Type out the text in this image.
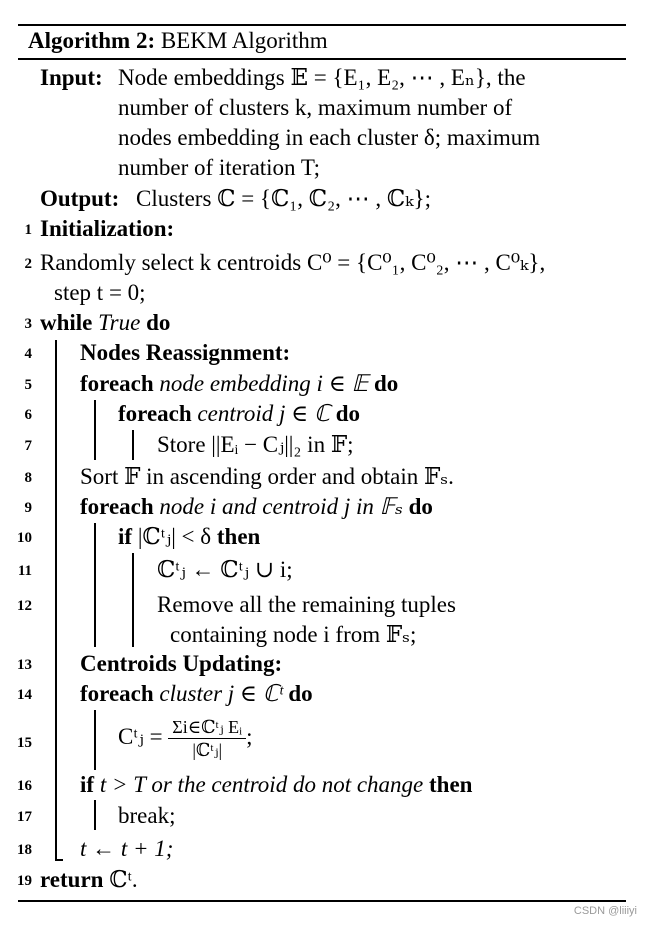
Algorithm 2: BEKM Algorithm
Input: Node embeddings 𝔼 = {E₁, E₂, ⋯ , Eₙ}, the
number of clusters k, maximum number of
nodes embedding in each cluster δ; maximum
number of iteration T;
Output: Clusters ℂ = {ℂ₁, ℂ₂, ⋯ , ℂₖ};
1
2
3
4
5
6
7
8
9
10
11
12
13
14
15
16
17
18
19
Initialization:
Randomly select k centroids C⁰ = {C⁰₁, C⁰₂, ⋯ , C⁰ₖ},
step t = 0;
while True do
Nodes Reassignment:
foreach node embedding i ∈ 𝔼 do
foreach centroid j ∈ ℂ do
Store ||Eᵢ − Cⱼ||₂ in 𝔽;
Sort 𝔽 in ascending order and obtain 𝔽ₛ.
foreach node i and centroid j in 𝔽ₛ do
if |ℂᵗⱼ| < δ then
ℂᵗⱼ ← ℂᵗⱼ ∪ i;
Remove all the remaining tuples
containing node i from 𝔽ₛ;
Centroids Updating:
foreach cluster j ∈ ℂᵗ do
Cᵗⱼ = $\frac{\text{Σi∈ℂᵗⱼ Eᵢ}}{\text{|ℂᵗⱼ|}}$ ;
if t > T or the centroid do not change then
break;
t ← t + 1;
return ℂᵗ.
CSDN @liiiyi
